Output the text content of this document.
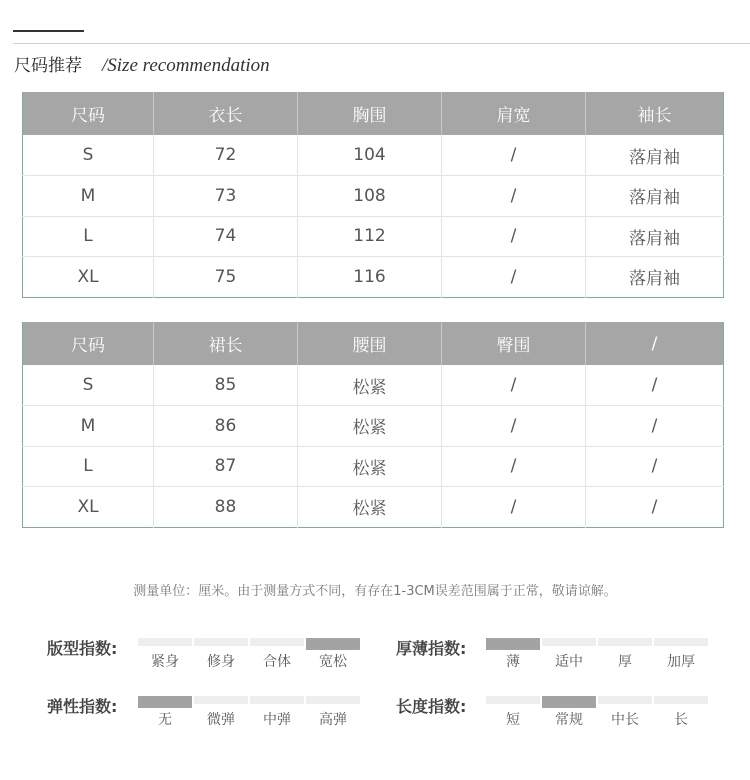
尺码推荐 /Size recommendation
尺码	衣长	胸围	肩宽	袖长
S	72	104	/	落肩袖
M	73	108	/	落肩袖
L	74	112	/	落肩袖
XL	75	116	/	落肩袖
尺码	裙长	腰围	臀围	/
S	85	松紧	/	/
M	86	松紧	/	/
L	87	松紧	/	/
XL	88	松紧	/	/
测量单位：厘米。由于测量方式不同，有存在1-3CM误差范围属于正常，敬请谅解。
版型指数:
紧身 修身 合体 宽松
厚薄指数:
薄	适中	厚	加厚
弹性指数:
无	微弹 中弹 高弹
长度指数:
短	常规 中长	长
